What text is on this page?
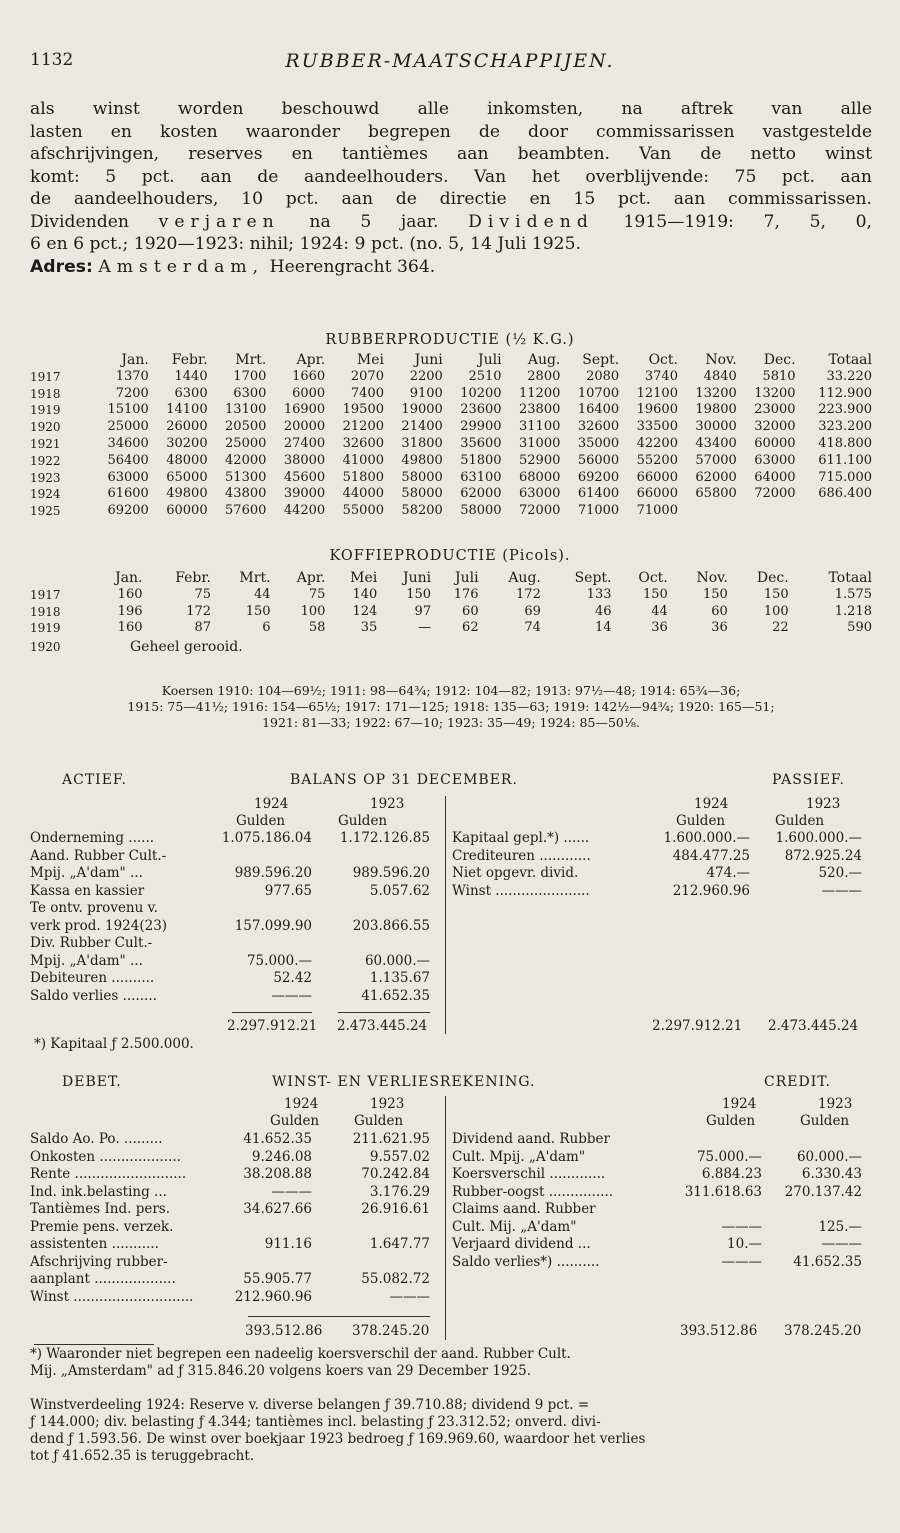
1132	RUBBER-MAATSCHAPPIJEN.
als winst worden beschouwd alle inkomsten, na aftrek van alle
lasten en kosten waaronder begrepen de door commissarissen vastgestelde
afschrijvingen, reserves en tantièmes aan beambten. Van de netto winst
komt: 5 pct. aan de aandeelhouders. Van het overblijvende: 75 pct. aan
de aandeelhouders, 10 pct. aan de directie en 15 pct. aan commissarissen.
Dividenden verjaren na 5 jaar. Dividend 1915—1919: 7, 5, 0,
6 en 6 pct.; 1920—1923: nihil; 1924: 9 pct. (no. 5, 14 Juli 1925.
Adres: Amsterdam, Heerengracht 364.
RUBBERPRODUCTIE (½ K.G.)
	Jan.	Febr.	Mrt.	Apr.	Mei	Juni	Juli	Aug.	Sept.	Oct.	Nov.	Dec.	Totaal
1917	1370	1440	1700	1660	2070	2200	2510	2800	2080	3740	4840	5810	33.220
1918	7200	6300	6300	6000	7400	9100	10200	11200	10700	12100	13200	13200	112.900
1919	15100	14100	13100	16900	19500	19000	23600	23800	16400	19600	19800	23000	223.900
1920	25000	26000	20500	20000	21200	21400	29900	31100	32600	33500	30000	32000	323.200
1921	34600	30200	25000	27400	32600	31800	35600	31000	35000	42200	43400	60000	418.800
1922	56400	48000	42000	38000	41000	49800	51800	52900	56000	55200	57000	63000	611.100
1923	63000	65000	51300	45600	51800	58000	63100	68000	69200	66000	62000	64000	715.000
1924	61600	49800	43800	39000	44000	58000	62000	63000	61400	66000	65800	72000	686.400
1925	69200	60000	57600	44200	55000	58200	58000	72000	71000	71000			
KOFFIEPRODUCTIE (Picols).
	Jan.	Febr.	Mrt.	Apr.	Mei	Juni	Juli	Aug.	Sept.	Oct.	Nov.	Dec.	Totaal
1917	160	75	44	75	140	150	176	172	133	150	150	150	1.575
1918	196	172	150	100	124	97	60	69	46	44	60	100	1.218
1919	160	87	6	58	35	—	62	74	14	36	36	22	590
1920	Geheel gerooid.
Koersen 1910: 104—69½; 1911: 98—64¾; 1912: 104—82; 1913: 97½—48; 1914: 65¾—36;
1915: 75—41½; 1916: 154—65½; 1917: 171—125; 1918: 135—63; 1919: 142½—94¾; 1920: 165—51;
1921: 81—33; 1922: 67—10; 1923: 35—49; 1924: 85—50⅛.
ACTIEF.	BALANS OP 31 DECEMBER.	PASSIEF.
1924	1923
Gulden	Gulden
1924	1923
Gulden	Gulden
Onderneming ......	1.075.186.04 1.172.126.85
Aand. Rubber Cult.-
Mpij. „A'dam" ...	989.596.20	989.596.20
Kassa en kassier	977.65	5.057.62
Te ontv. provenu v.
verk prod. 1924(23)	157.099.90	203.866.55
Div. Rubber Cult.-
Mpij. „A'dam" ...	75.000.—	60.000.—
Debiteuren ..........	52.42	1.135.67
Saldo verlies ........	———	41.652.35
Kapitaal gepl.*) ......	1.600.000.— 1.600.000.—
Crediteuren ............	484.477.25	872.925.24
Niet opgevr. divid.	474.—	520.—
Winst ......................	212.960.96	———
2.297.912.21 2.473.445.24	2.297.912.21 2.473.445.24
*) Kapitaal ƒ 2.500.000.
DEBET.	WINST- EN VERLIESREKENING.	CREDIT.
1924	1923
Gulden	Gulden
1924	1923
Gulden	Gulden
Saldo Ao. Po. .........	41.652.35	211.621.95
Onkosten ...................	9.246.08	9.557.02
Rente ..........................	38.208.88	70.242.84
Ind. ink.belasting ...	———	3.176.29
Tantièmes Ind. pers.	34.627.66	26.916.61
Premie pens. verzek.
assistenten ...........	911.16	1.647.77
Afschrijving rubber-
aanplant ...................	55.905.77	55.082.72
Winst ............................	212.960.96	———
Dividend aand. Rubber
Cult. Mpij. „A'dam"	75.000.—	60.000.—
Koersverschil .............	6.884.23	6.330.43
Rubber-oogst ...............	311.618.63 270.137.42
Claims aand. Rubber
Cult. Mij. „A'dam"	———	125.—
Verjaard dividend ...	10.—	———
Saldo verlies*) ..........	——— 41.652.35
393.512.86 378.245.20	393.512.86 378.245.20
*) Waaronder niet begrepen een nadeelig koersverschil der aand. Rubber Cult.
Mij. „Amsterdam" ad ƒ 315.846.20 volgens koers van 29 December 1925.
Winstverdeeling 1924: Reserve v. diverse belangen ƒ 39.710.88; dividend 9 pct. =
ƒ 144.000; div. belasting ƒ 4.344; tantièmes incl. belasting ƒ 23.312.52; onverd. divi-
dend ƒ 1.593.56. De winst over boekjaar 1923 bedroeg ƒ 169.969.60, waardoor het verlies
tot ƒ 41.652.35 is teruggebracht.
